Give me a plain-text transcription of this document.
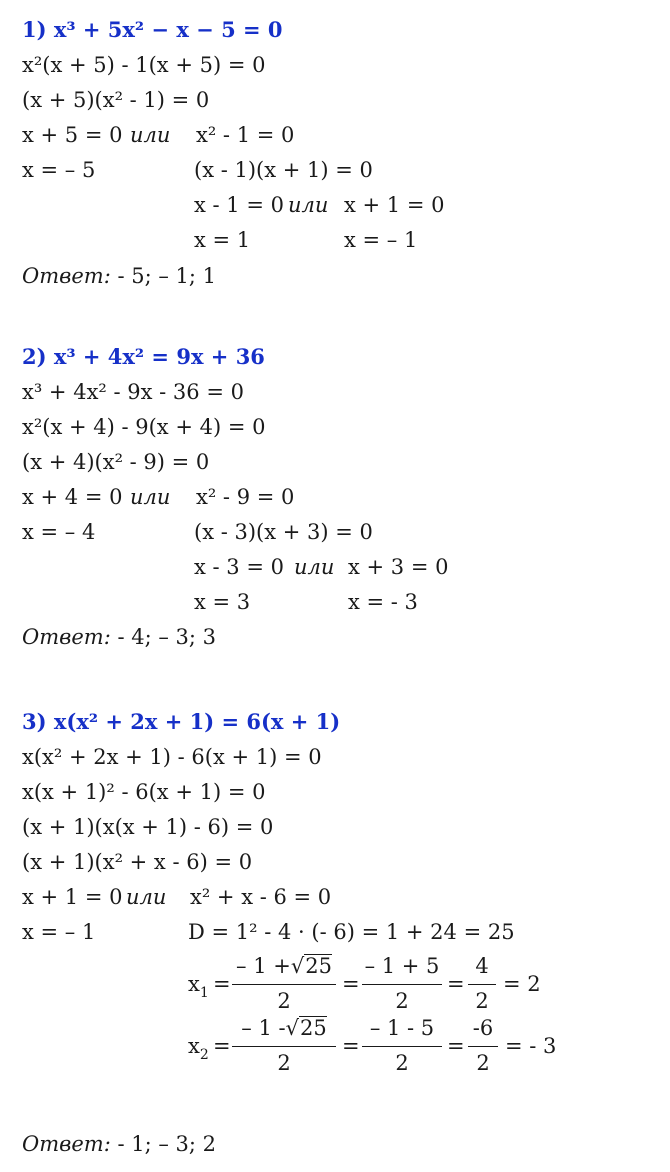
1) x³ + 5x² − x − 5 = 0
x²(x + 5) - 1(x + 5) = 0
(x + 5)(x² - 1) = 0
x + 5 = 0 или x² - 1 = 0
x = – 5	(x - 1)(x + 1) = 0
x - 1 = 0 или x + 1 = 0
x = 1	x = – 1
Ответ: - 5; – 1; 1
2) x³ + 4x² = 9x + 36
x³ + 4x² - 9x - 36 = 0
x²(x + 4) - 9(x + 4) = 0
(x + 4)(x² - 9) = 0
x + 4 = 0 или x² - 9 = 0
x = – 4	(x - 3)(x + 3) = 0
x - 3 = 0 или x + 3 = 0
x = 3	x = - 3
Ответ: - 4; – 3; 3
3) x(x² + 2x + 1) = 6(x + 1)
x(x² + 2x + 1) - 6(x + 1) = 0
x(x + 1)² - 6(x + 1) = 0
(x + 1)(x(x + 1) - 6) = 0
(x + 1)(x² + x - 6) = 0
x + 1 = 0 или x² + x - 6 = 0
x = – 1	D = 1² - 4 · (- 6) = 1 + 24 = 25
$x_1$ =
– 1 +√25
2
=
– 1 + 5
2
=
4
2
= 2
$x_2$ =
– 1 -√25
2
=
– 1 - 5
2
=
-6
2
= - 3
Ответ: - 1; – 3; 2
